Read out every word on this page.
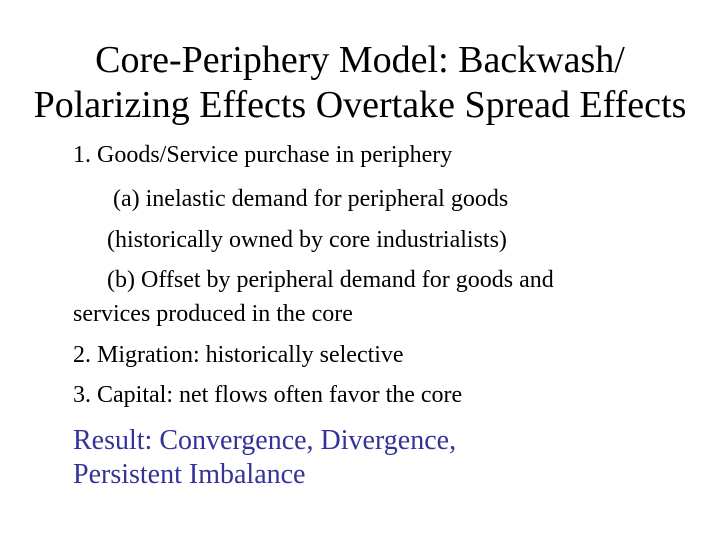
Core-Periphery Model: Backwash/
Polarizing Effects Overtake Spread Effects

1. Goods/Service purchase in periphery

(a) inelastic demand for peripheral goods

(historically owned by core industrialists)

(b) Offset by peripheral demand for goods and

services produced in the core

2. Migration: historically selective

3. Capital: net flows often favor the core

Result: Convergence, Divergence,
Persistent Imbalance
